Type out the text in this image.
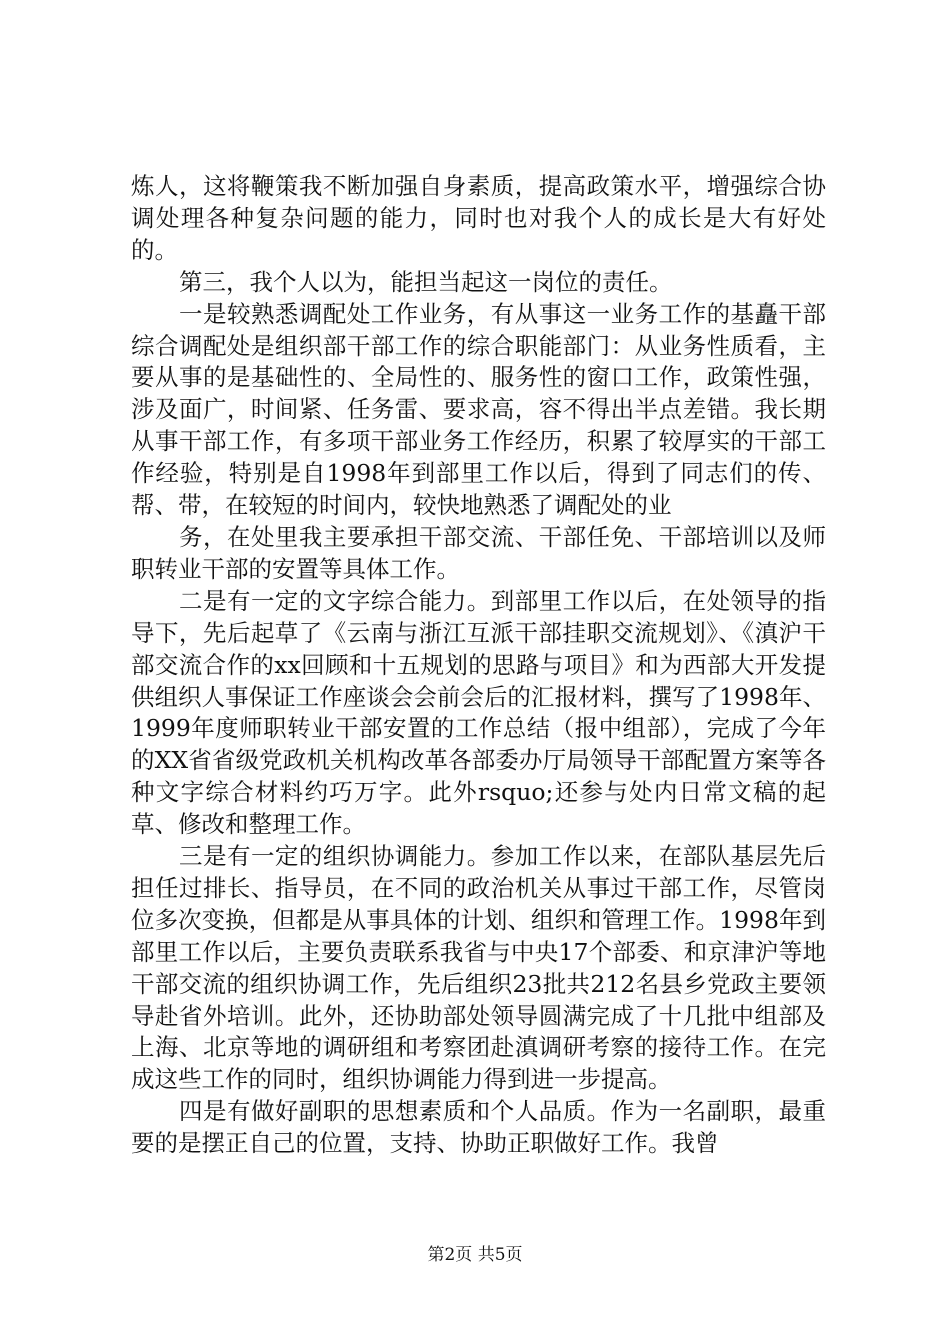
炼人，这将鞭策我不断加强自身素质，提高政策水平，增强综合协调处理各种复杂问题的能力，同时也对我个人的成长是大有好处的。

第三，我个人以为，能担当起这一岗位的责任。

一是较熟悉调配处工作业务，有从事这一业务工作的基矗干部综合调配处是组织部干部工作的综合职能部门：从业务性质看，主要从事的是基础性的、全局性的、服务性的窗口工作，政策性强，涉及面广，时间紧、任务雷、要求高，容不得出半点差错。我长期从事干部工作，有多项干部业务工作经历，积累了较厚实的干部工作经验，特别是自1998年到部里工作以后，得到了同志们的传、帮、带，在较短的时间内，较快地熟悉了调配处的业

务，在处里我主要承担干部交流、干部任免、干部培训以及师职转业干部的安置等具体工作。

二是有一定的文字综合能力。到部里工作以后，在处领导的指导下，先后起草了《云南与浙江互派干部挂职交流规划》、《滇沪干部交流合作的xx回顾和十五规划的思路与项目》和为西部大开发提供组织人事保证工作座谈会会前会后的汇报材料，撰写了1998年、1999年度师职转业干部安置的工作总结（报中组部），完成了今年的XX省省级党政机关机构改革各部委办厅局领导干部配置方案等各种文字综合材料约巧万字。此外rsquo;还参与处内日常文稿的起草、修改和整理工作。

三是有一定的组织协调能力。参加工作以来，在部队基层先后担任过排长、指导员，在不同的政治机关从事过干部工作，尽管岗位多次变换，但都是从事具体的计划、组织和管理工作。1998年到部里工作以后，主要负责联系我省与中央17个部委、和京津沪等地干部交流的组织协调工作，先后组织23批共212名县乡党政主要领导赴省外培训。此外，还协助部处领导圆满完成了十几批中组部及上海、北京等地的调研组和考察团赴滇调研考察的接待工作。在完成这些工作的同时，组织协调能力得到进一步提高。

四是有做好副职的思想素质和个人品质。作为一名副职，最重要的是摆正自己的位置，支持、协助正职做好工作。我曾

第2页 共5页
